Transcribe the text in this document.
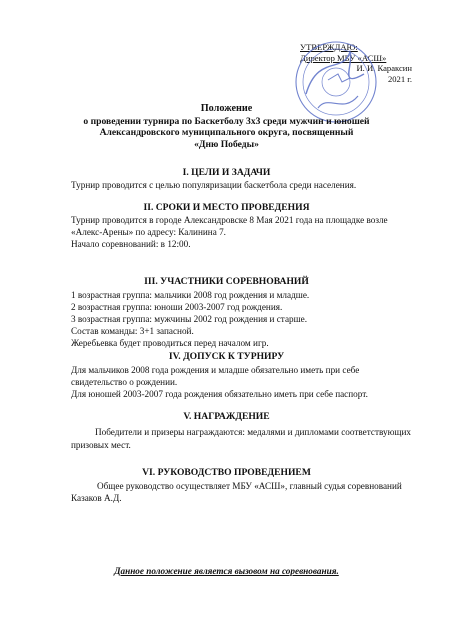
УТВЕРЖДАЮ:
Директор МБУ «АСШ»
И. И. Караксин
2021 г.
Положение
о проведении турнира по Баскетболу 3х3 среди мужчин и юношей
Александровского муниципального округа, посвященный
«Дню Победы»
I. ЦЕЛИ И ЗАДАЧИ
Турнир проводится с целью популяризации баскетбола среди населения.
II. СРОКИ И МЕСТО ПРОВЕДЕНИЯ
Турнир проводится в городе Александровске 8 Мая 2021 года на площадке возле
«Алекс-Арены» по адресу: Калинина 7.
Начало соревнований: в 12:00.
III. УЧАСТНИКИ СОРЕВНОВАНИЙ
1 возрастная группа: мальчики 2008 год рождения и младше.
2 возрастная группа: юноши 2003-2007 год рождения.
3 возрастная группа: мужчины 2002 год рождения и старше.
Состав команды: 3+1 запасной.
Жеребьевка будет проводиться перед началом игр.
IV. ДОПУСК К ТУРНИРУ
Для мальчиков 2008 года рождения и младше обязательно иметь при себе
свидетельство о рождении.
Для юношей 2003-2007 года рождения обязательно иметь при себе паспорт.
V. НАГРАЖДЕНИЕ
Победители и призеры награждаются: медалями и дипломами соответствующих
призовых мест.
VI. РУКОВОДСТВО ПРОВЕДЕНИЕМ
Общее руководство осуществляет МБУ «АСШ», главный судья соревнований
Казаков А.Д.
Данное положение является вызовом на соревнования.
